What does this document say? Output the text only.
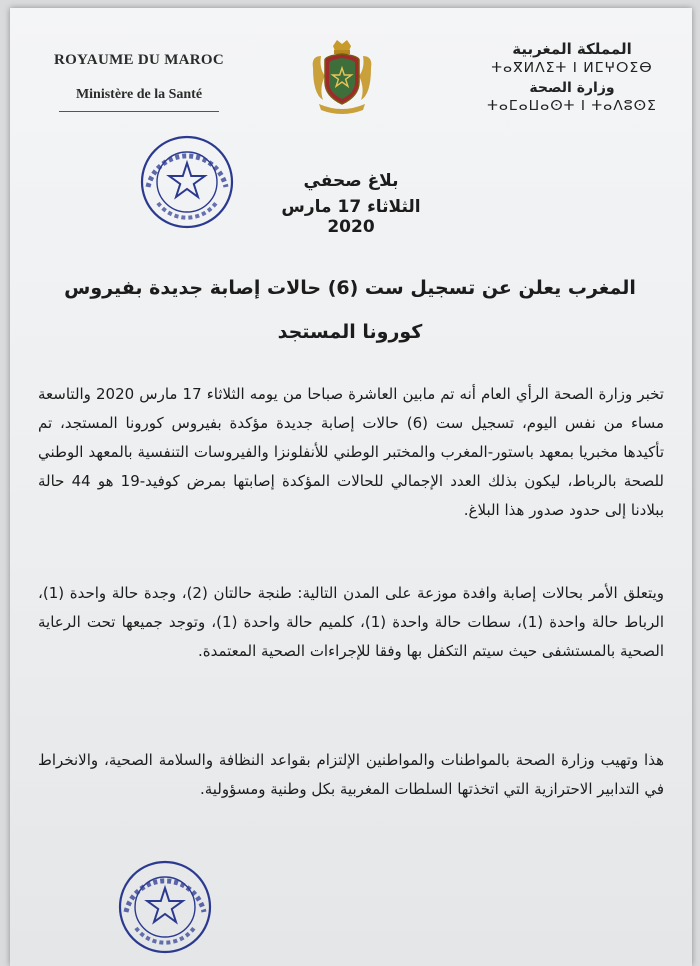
ROYAUME DU MAROC
Ministère de la Santé
المملكة المغربية
ⵜⴰⴳⵍⴷⵉⵜ ⵏ ⵍⵎⵖⵔⵉⴱ
وزارة الصحة
ⵜⴰⵎⴰⵡⴰⵙⵜ ⵏ ⵜⴰⴷⵓⵙⵉ
بلاغ صحفي
الثلاثاء 17 مارس 2020
المغرب يعلن عن تسجيل ست (6) حالات إصابة جديدة بفيروس كورونا المستجد
تخبر وزارة الصحة الرأي العام أنه تم مابين العاشرة صباحا من يومه الثلاثاء 17 مارس 2020 والتاسعة مساء من نفس اليوم، تسجيل ست (6) حالات إصابة جديدة مؤكدة بفيروس كورونا المستجد، تم تأكيدها مخبريا بمعهد باستور-المغرب والمختبر الوطني للأنفلونزا والفيروسات التنفسية بالمعهد الوطني للصحة بالرباط، ليكون بذلك العدد الإجمالي للحالات المؤكدة إصابتها بمرض كوفيد-19 هو 44 حالة ببلادنا إلى حدود صدور هذا البلاغ.
ويتعلق الأمر بحالات إصابة وافدة موزعة على المدن التالية: طنجة حالتان (2)، وجدة حالة واحدة (1)، الرباط حالة واحدة (1)، سطات حالة واحدة (1)، كلميم حالة واحدة (1)، وتوجد جميعها تحت الرعاية الصحية بالمستشفى حيث سيتم التكفل بها وفقا للإجراءات الصحية المعتمدة.
هذا وتهيب وزارة الصحة بالمواطنات والمواطنين الإلتزام بقواعد النظافة والسلامة الصحية، والانخراط في التدابير الاحترازية التي اتخذتها السلطات المغربية بكل وطنية ومسؤولية.
